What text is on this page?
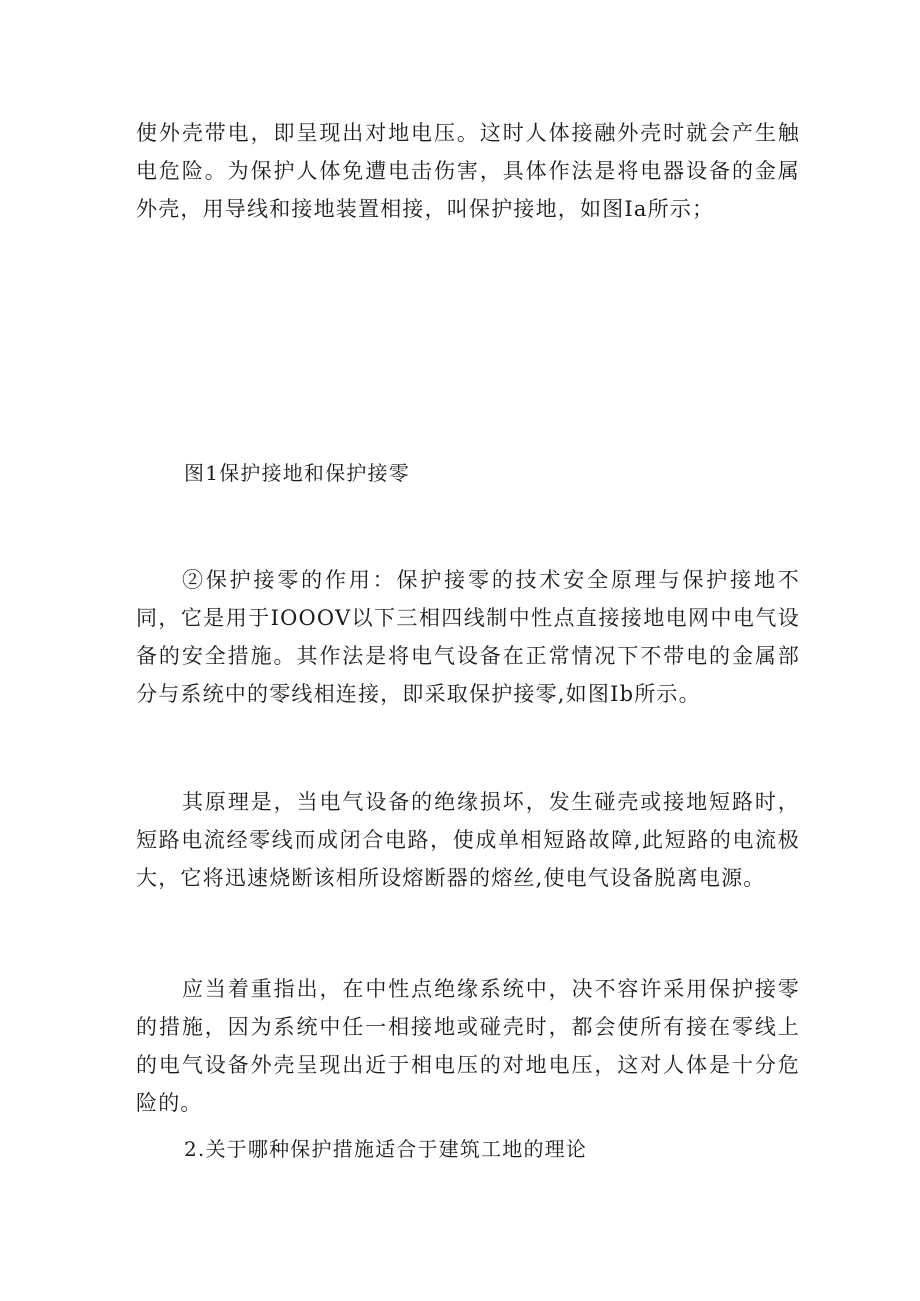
使外壳带电，即呈现出对地电压。这时人体接融外壳时就会产生触电危险。为保护人体免遭电击伤害，具体作法是将电器设备的金属外壳，用导线和接地装置相接，叫保护接地，如图Ia所示；

图1保护接地和保护接零

②保护接零的作用：保护接零的技术安全原理与保护接地不同，它是用于IOOOV以下三相四线制中性点直接接地电网中电气设备的安全措施。其作法是将电气设备在正常情况下不带电的金属部分与系统中的零线相连接，即采取保护接零,如图Ib所示。

其原理是，当电气设备的绝缘损坏，发生碰壳或接地短路时，短路电流经零线而成闭合电路，使成单相短路故障,此短路的电流极大，它将迅速烧断该相所设熔断器的熔丝,使电气设备脱离电源。

应当着重指出，在中性点绝缘系统中，决不容许采用保护接零的措施，因为系统中任一相接地或碰壳时，都会使所有接在零线上的电气设备外壳呈现出近于相电压的对地电压，这对人体是十分危险的。

2.关于哪种保护措施适合于建筑工地的理论
